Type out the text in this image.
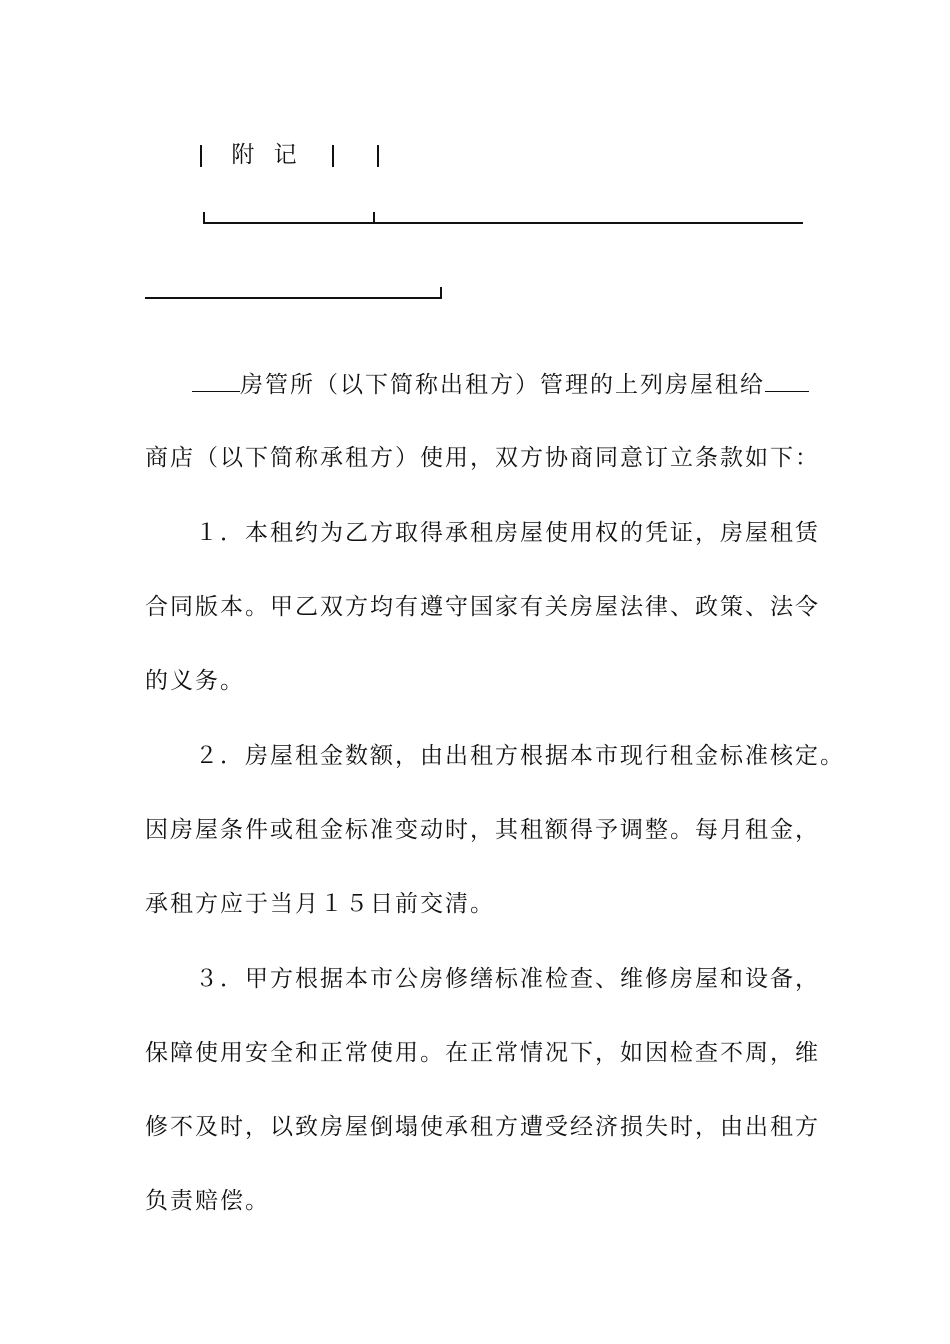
附 记
房管所（以下简称出租方）管理的上列房屋租给
商店（以下简称承租方）使用，双方协商同意订立条款如下：
１．本租约为乙方取得承租房屋使用权的凭证，房屋租赁
合同版本。甲乙双方均有遵守国家有关房屋法律、政策、法令
的义务。
２．房屋租金数额，由出租方根据本市现行租金标准核定。
因房屋条件或租金标准变动时，其租额得予调整。每月租金，
承租方应于当月１５日前交清。
３．甲方根据本市公房修缮标准检查、维修房屋和设备，
保障使用安全和正常使用。在正常情况下，如因检查不周，维
修不及时，以致房屋倒塌使承租方遭受经济损失时，由出租方
负责赔偿。
